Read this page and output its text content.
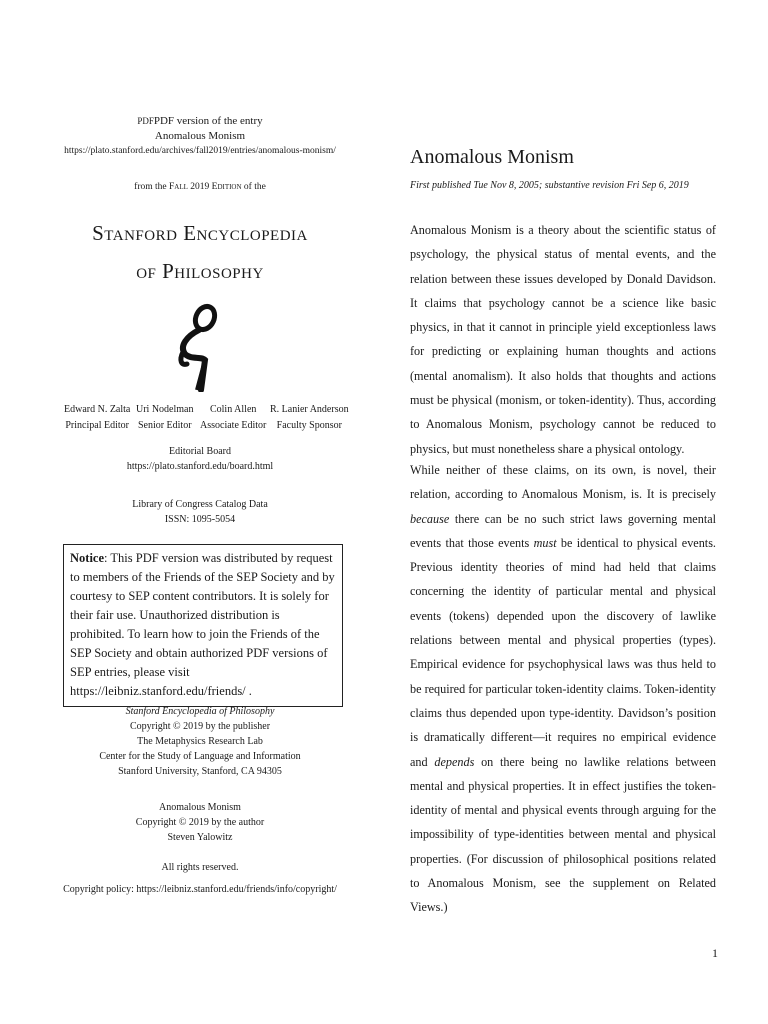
PDFPDF version of the entry
Anomalous Monism
https://plato.stanford.edu/archives/fall2019/entries/anomalous-monism/
from the Fall 2019 Edition of the
Stanford Encyclopedia
of Philosophy
Edward N. Zalta
Principal Editor
Uri Nodelman
Senior Editor
Colin Allen
Associate Editor
R. Lanier Anderson
Faculty Sponsor
Editorial Board
https://plato.stanford.edu/board.html
Library of Congress Catalog Data
ISSN: 1095-5054
Notice: This PDF version was distributed by request to members of the Friends of the SEP Society and by courtesy to SEP content contributors. It is solely for their fair use. Unauthorized distribution is prohibited. To learn how to join the Friends of the SEP Society and obtain authorized PDF versions of SEP entries, please visit https://leibniz.stanford.edu/friends/ .
Stanford Encyclopedia of Philosophy
Copyright © 2019 by the publisher
The Metaphysics Research Lab
Center for the Study of Language and Information
Stanford University, Stanford, CA 94305
Anomalous Monism
Copyright © 2019 by the author
Steven Yalowitz
All rights reserved.
Copyright policy: https://leibniz.stanford.edu/friends/info/copyright/
Anomalous Monism
First published Tue Nov 8, 2005; substantive revision Fri Sep 6, 2019
Anomalous Monism is a theory about the scientific status of psychology, the physical status of mental events, and the relation between these issues developed by Donald Davidson. It claims that psychology cannot be a science like basic physics, in that it cannot in principle yield exceptionless laws for predicting or explaining human thoughts and actions (mental anomalism). It also holds that thoughts and actions must be physical (monism, or token-identity). Thus, according to Anomalous Monism, psychology cannot be reduced to physics, but must nonetheless share a physical ontology.
While neither of these claims, on its own, is novel, their relation, according to Anomalous Monism, is. It is precisely because there can be no such strict laws governing mental events that those events must be identical to physical events. Previous identity theories of mind had held that claims concerning the identity of particular mental and physical events (tokens) depended upon the discovery of lawlike relations between mental and physical properties (types). Empirical evidence for psychophysical laws was thus held to be required for particular token-identity claims. Token-identity claims thus depended upon type-identity. Davidson’s position is dramatically different—it requires no empirical evidence and depends on there being no lawlike relations between mental and physical properties. It in effect justifies the token-identity of mental and physical events through arguing for the impossibility of type-identities between mental and physical properties. (For discussion of philosophical positions related to Anomalous Monism, see the supplement on Related Views.)
1
